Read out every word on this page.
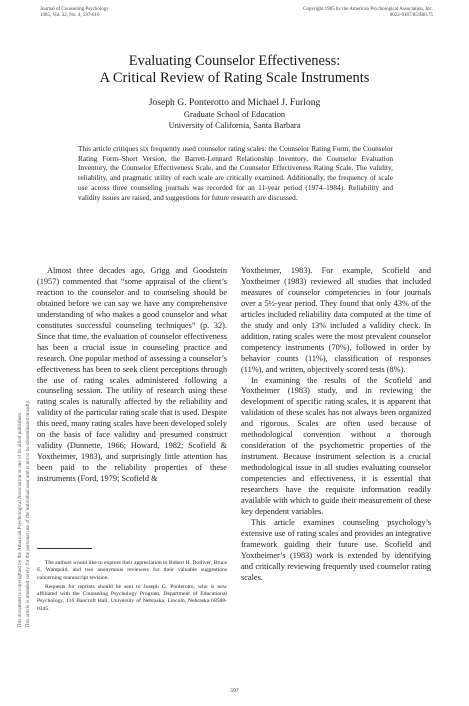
Journal of Counseling Psychology
1985, Vol. 32, No. 4, 597-616
Copyright 1985 by the American Psychological Association, Inc.
0022-0167/85/$00.75
This document is copyrighted by the American Psychological Association or one of its allied publishers. This article is intended solely for the personal use of the individual user and is not to be disseminated broadly.
Evaluating Counselor Effectiveness:
A Critical Review of Rating Scale Instruments
Joseph G. Ponterotto and Michael J. Furlong
Graduate School of Education
University of California, Santa Barbara
This article critiques six frequently used counselor rating scales: the Counselor Rating Form, the Counselor Rating Form–Short Version, the Barrett-Lennard Relationship Inventory, the Counselor Evaluation Inventory, the Counselor Effectiveness Scale, and the Counselor Effectiveness Rating Scale. The validity, reliability, and pragmatic utility of each scale are critically examined. Additionally, the frequency of scale use across three counseling journals was recorded for an 11-year period (1974–1984). Reliability and validity issues are raised, and suggestions for future research are discussed.

Almost three decades ago, Grigg and Goodstein (1957) commented that “some appraisal of the client’s reaction to the counselor and to counseling should be obtained before we can say we have any comprehensive understanding of who makes a good counselor and what constitutes successful counseling techniques” (p. 32). Since that time, the evaluation of counselor effectiveness has been a crucial issue in counseling practice and research. One popular method of assessing a counselor’s effectiveness has been to seek client perceptions through the use of rating scales administered following a counseling session. The utility of research using these rating scales is naturally affected by the reliability and validity of the particular rating scale that is used. Despite this need, many rating scales have been developed solely on the basis of face validity and presumed construct validity (Dunnette, 1966; Howard, 1982; Scofield & Yoxtheimer, 1983), and surprisingly little attention has been paid to the reliability properties of these instruments (Ford, 1979; Scofield &

Yoxtheimer, 1983). For example, Scofield and Yoxtheimer (1983) reviewed all studies that included measures of counselor competencies in four journals over a 5½-year period. They found that only 43% of the articles included reliability data computed at the time of the study and only 13% included a validity check. In addition, rating scales were the most prevalent counselor competency instruments (70%), followed in order by behavior counts (11%), classification of responses (11%), and written, objectively scored tests (8%).

In examining the results of the Scofield and Yoxtheimer (1983) study, and in reviewing the development of specific rating scales, it is apparent that validation of these scales has not always been organized and rigorous. Scales are often used because of methodological convention without a thorough consideration of the psychometric properties of the instrument. Because instrument selection is a crucial methodological issue in all studies evaluating counselor competencies and effectiveness, it is essential that researchers have the requisite information readily available with which to guide their measurement of these key dependent variables.

This article examines counseling psychology’s extensive use of rating scales and provides an integrative framework guiding their future use. Scofield and Yoxtheimer’s (1983) work is extended by identifying and critically reviewing frequently used counselor rating scales.

The authors would like to express their appreciation to Robert H. Dolliver, Bruce E. Wampold, and two anonymous reviewers for their valuable suggestions concerning manuscript revision.

Requests for reprints should be sent to Joseph G. Ponterotto, who is now affiliated with the Counseling Psychology Program, Department of Educational Psychology, 116 Bancroft Hall, University of Nebraska, Lincoln, Nebraska 68588-0345.

597
